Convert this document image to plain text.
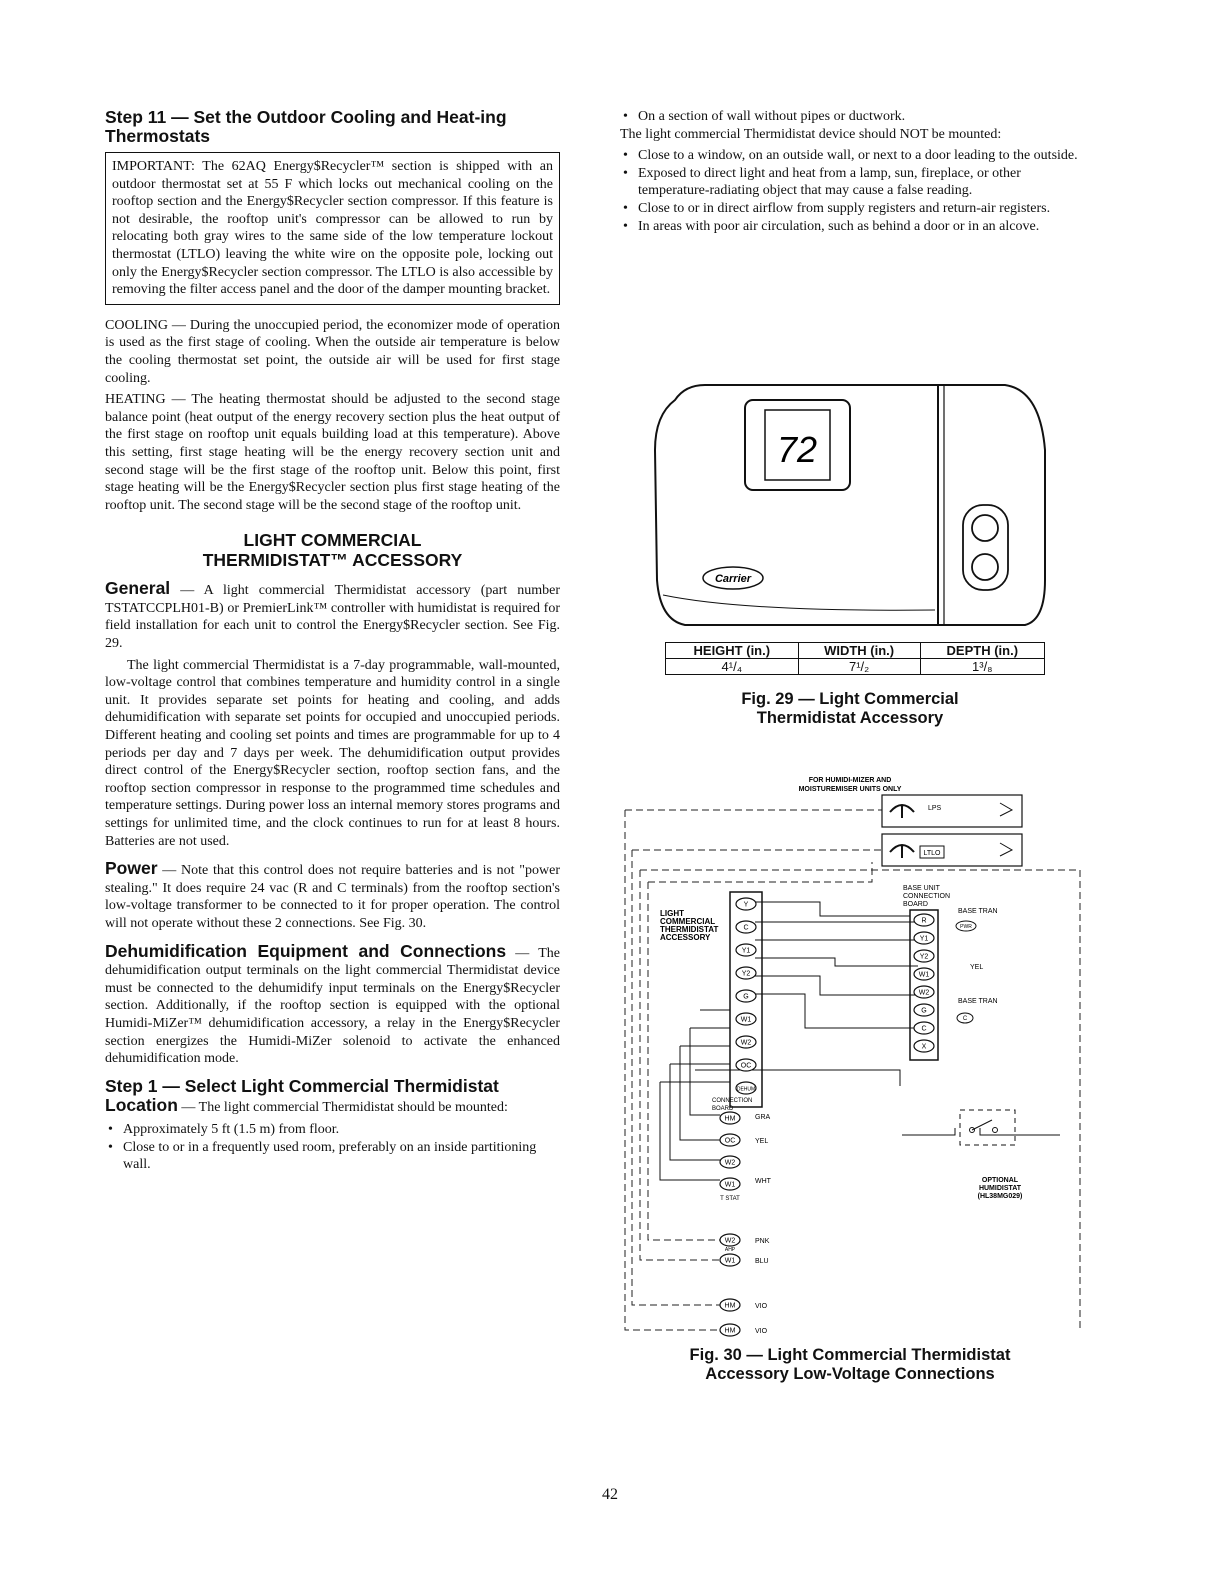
Step 11 — Set the Outdoor Cooling and Heat-ing Thermostats
IMPORTANT: The 62AQ Energy$Recycler™ section is shipped with an outdoor thermostat set at 55 F which locks out mechanical cooling on the rooftop section and the Energy$Recycler section compressor. If this feature is not desirable, the rooftop unit's compressor can be allowed to run by relocating both gray wires to the same side of the low temperature lockout thermostat (LTLO) leaving the white wire on the opposite pole, locking out only the Energy$Recycler section compressor. The LTLO is also accessible by removing the filter access panel and the door of the damper mounting bracket.

COOLING — During the unoccupied period, the economizer mode of operation is used as the first stage of cooling. When the outside air temperature is below the cooling thermostat set point, the outside air will be used for first stage cooling.

HEATING — The heating thermostat should be adjusted to the second stage balance point (heat output of the energy recovery section plus the heat output of the first stage on rooftop unit equals building load at this temperature). Above this setting, first stage heating will be the energy recovery section unit and second stage will be the first stage of the rooftop unit. Below this point, first stage heating will be the Energy$Recycler section plus first stage heating of the rooftop unit. The second stage will be the second stage of the rooftop unit.

LIGHT COMMERCIAL
THERMIDISTAT™ ACCESSORY

General — A light commercial Thermidistat accessory (part number TSTATCCPLH01-B) or PremierLink™ controller with humidistat is required for field installation for each unit to control the Energy$Recycler section. See Fig. 29.

The light commercial Thermidistat is a 7-day programmable, wall-mounted, low-voltage control that combines temperature and humidity control in a single unit. It provides separate set points for heating and cooling, and adds dehumidification with separate set points for occupied and unoccupied periods. Different heating and cooling set points and times are programmable for up to 4 periods per day and 7 days per week. The dehumidification output provides direct control of the Energy$Recycler section, rooftop section fans, and the rooftop section compressor in response to the programmed time schedules and temperature settings. During power loss an internal memory stores programs and settings for unlimited time, and the clock continues to run for at least 8 hours. Batteries are not used.

Power — Note that this control does not require batteries and is not "power stealing." It does require 24 vac (R and C terminals) from the rooftop section's low-voltage transformer to be connected to it for proper operation. The control will not operate without these 2 connections. See Fig. 30.

Dehumidification Equipment and Connections — The dehumidification output terminals on the light commercial Thermidistat device must be connected to the dehumidify input terminals on the Energy$Recycler section. Additionally, if the rooftop section is equipped with the optional Humidi-MiZer™ dehumidification accessory, a relay in the Energy$Recycler section energizes the Humidi-MiZer solenoid to activate the enhanced dehumidification mode.

Step 1 — Select Light Commercial Thermidistat Location — The light commercial Thermidistat should be mounted:

• Approximately 5 ft (1.5 m) from floor.
• Close to or in a frequently used room, preferably on an inside partitioning wall.
• On a section of wall without pipes or ductwork.

The light commercial Thermidistat device should NOT be mounted:

• Close to a window, on an outside wall, or next to a door leading to the outside.
• Exposed to direct light and heat from a lamp, sun, fireplace, or other temperature-radiating object that may cause a false reading.
• Close to or in direct airflow from supply registers and return-air registers.
• In areas with poor air circulation, such as behind a door or in an alcove.
72
Carrier
HEIGHT (in.)	WIDTH (in.)	DEPTH (in.)
4¹/₄	7¹/₂	1³/₈
Fig. 29 — Light Commercial
Thermidistat Accessory
FOR HUMIDI-MIZER AND
MOISTUREMISER UNITS ONLY
LPS
LTLO
LIGHT
COMMERCIAL
THERMIDISTAT
ACCESSORY
BASE UNIT
CONNECTION
BOARD
BASE TRAN
BASE TRAN
PWR
YEL
C
CONNECTION
BOARD
T STAT
GRA
YEL
WHT
AHP
PNK
BLU
VIO
VIO
OPTIONAL
HUMIDISTAT
(HL38MG029)
Y
C
Y1
Y2
G
W1
W2
OC
DEHUM
R
Y1
Y2
W1
W2
G
C
X
HM
OC
W2
W1
W2
W1
HM
HM
Fig. 30 — Light Commercial Thermidistat
Accessory Low-Voltage Connections
42
